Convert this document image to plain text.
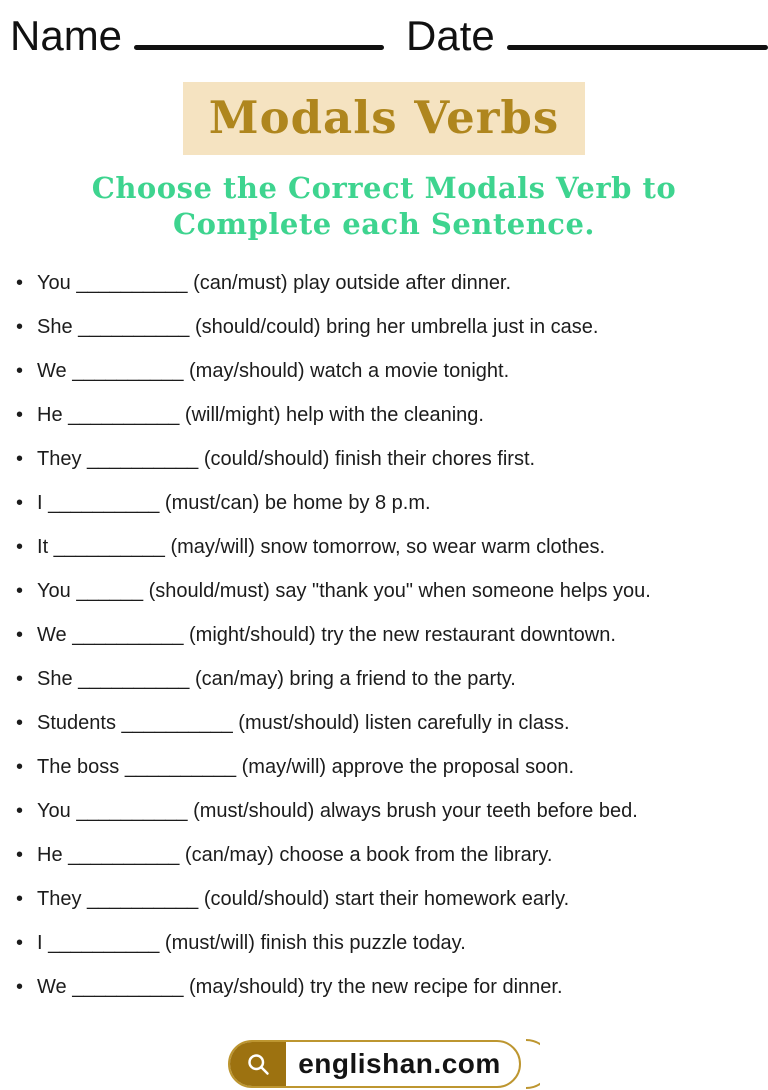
Name	Date
Modals Verbs
Choose the Correct Modals Verb to
Complete each Sentence.
• You __________ (can/must) play outside after dinner.
• She __________ (should/could) bring her umbrella just in case.
• We __________ (may/should) watch a movie tonight.
• He __________ (will/might) help with the cleaning.
• They __________ (could/should) finish their chores first.
• I __________ (must/can) be home by 8 p.m.
• It __________ (may/will) snow tomorrow, so wear warm clothes.
• You ______ (should/must) say "thank you" when someone helps you.
• We __________ (might/should) try the new restaurant downtown.
• She __________ (can/may) bring a friend to the party.
• Students __________ (must/should) listen carefully in class.
• The boss __________ (may/will) approve the proposal soon.
• You __________ (must/should) always brush your teeth before bed.
• He __________ (can/may) choose a book from the library.
• They __________ (could/should) start their homework early.
• I __________ (must/will) finish this puzzle today.
• We __________ (may/should) try the new recipe for dinner.
englishan.com
